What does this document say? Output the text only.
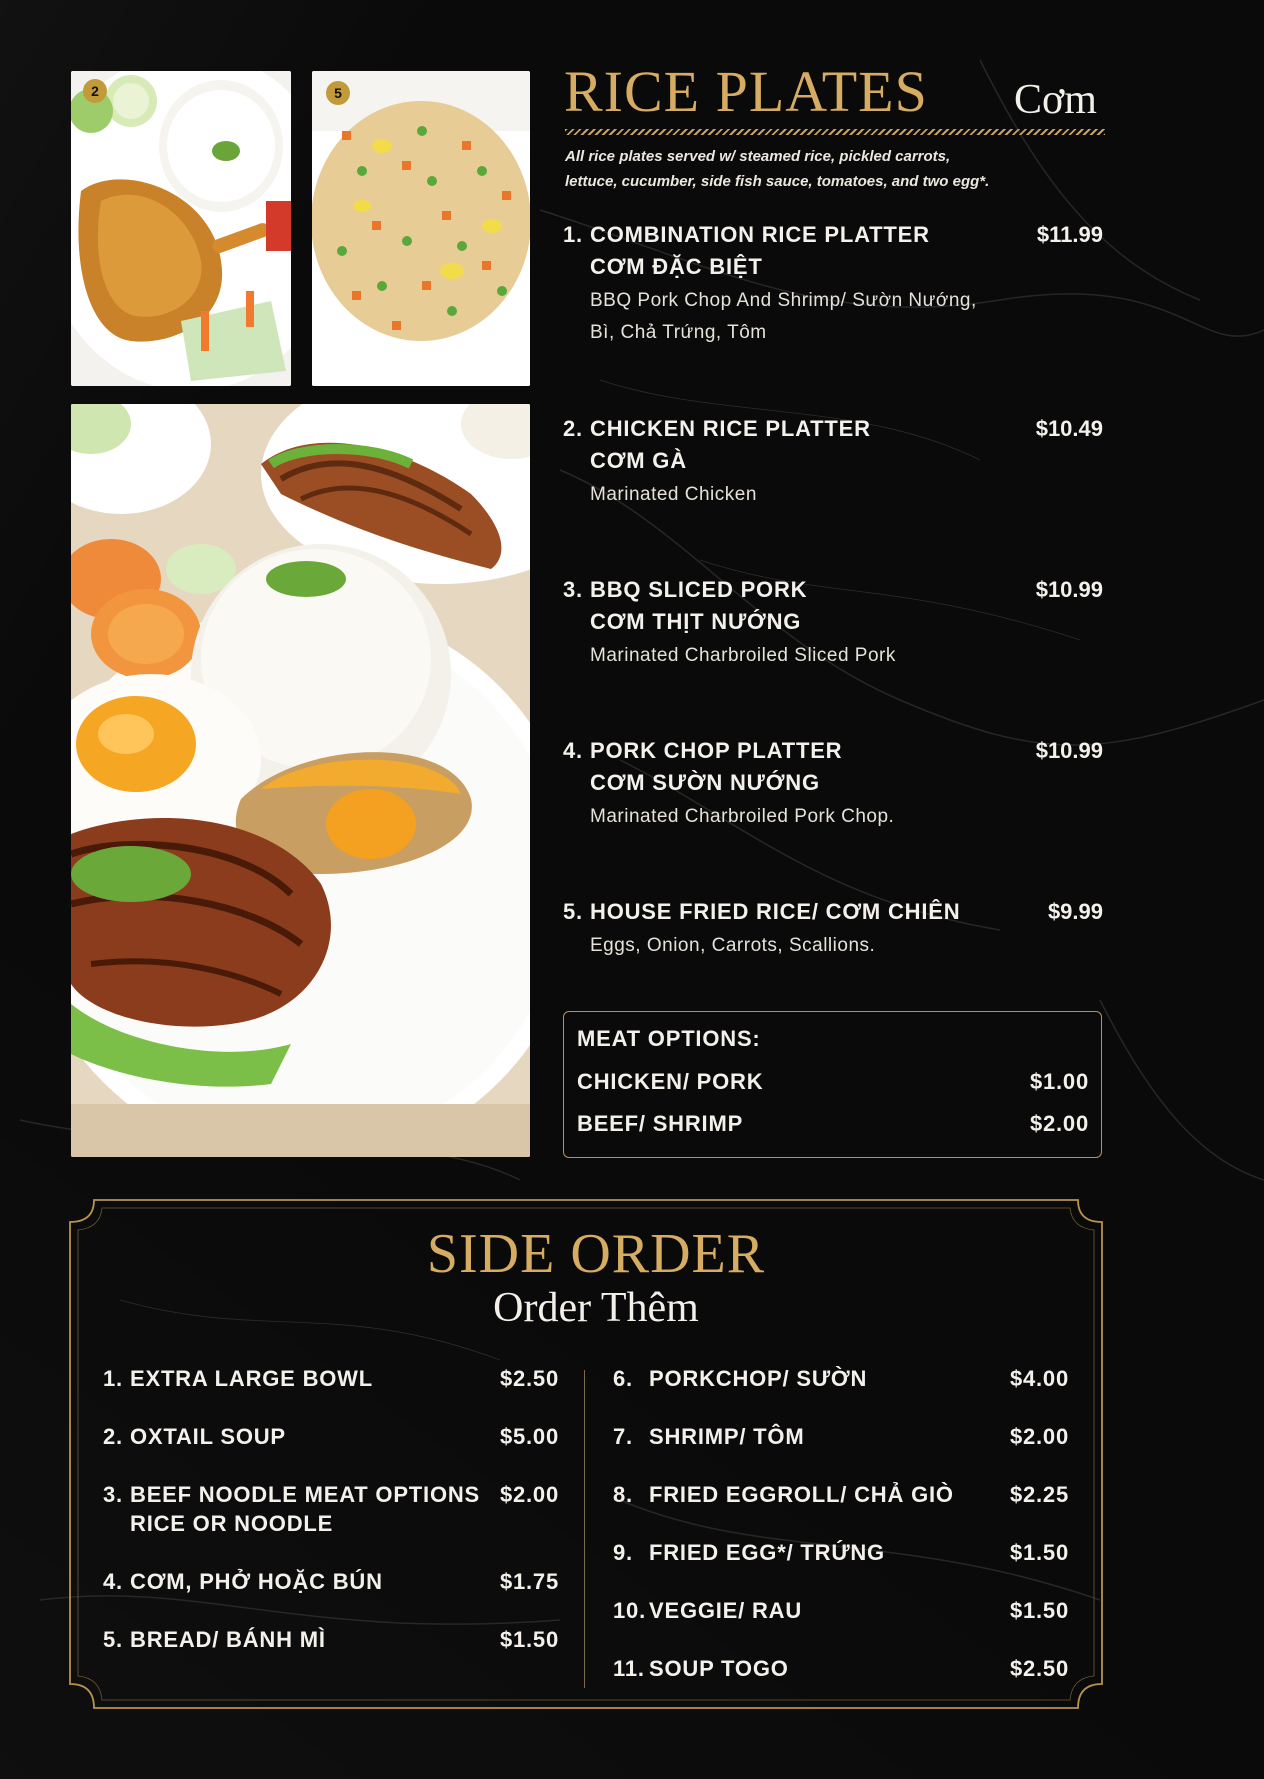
2	5	RICE PLATES Cơm
All rice plates served w/ steamed rice, pickled carrots,
lettuce, cucumber, side fish sauce, tomatoes, and two egg*.
1. COMBINATION RICE PLATTER	$11.99
CƠM ĐẶC BIỆT
BBQ Pork Chop And Shrimp/ Sườn Nướng,
Bì, Chả Trứng, Tôm
2. CHICKEN RICE PLATTER	$10.49
CƠM GÀ
Marinated Chicken
3. BBQ SLICED PORK	$10.99
CƠM THỊT NƯỚNG
Marinated Charbroiled Sliced Pork
4. PORK CHOP PLATTER	$10.99
CƠM SƯỜN NƯỚNG
Marinated Charbroiled Pork Chop.
5. HOUSE FRIED RICE/ CƠM CHIÊN	$9.99
Eggs, Onion, Carrots, Scallions.
MEAT OPTIONS:
CHICKEN/ PORK	$1.00
BEEF/ SHRIMP	$2.00
SIDE ORDER
Order Thêm
1. EXTRA LARGE BOWL	$2.50
2. OXTAIL SOUP	$5.00
3. BEEF NOODLE MEAT OPTIONS
RICE OR NOODLE
$2.00
4. CƠM, PHỞ HOẶC BÚN	$1.75
5. BREAD/ BÁNH MÌ	$1.50
6. PORKCHOP/ SƯỜN	$4.00
7. SHRIMP/ TÔM	$2.00
8. FRIED EGGROLL/ CHẢ GIÒ	$2.25
9. FRIED EGG*/ TRỨNG	$1.50
10. VEGGIE/ RAU	$1.50
11. SOUP TOGO	$2.50
